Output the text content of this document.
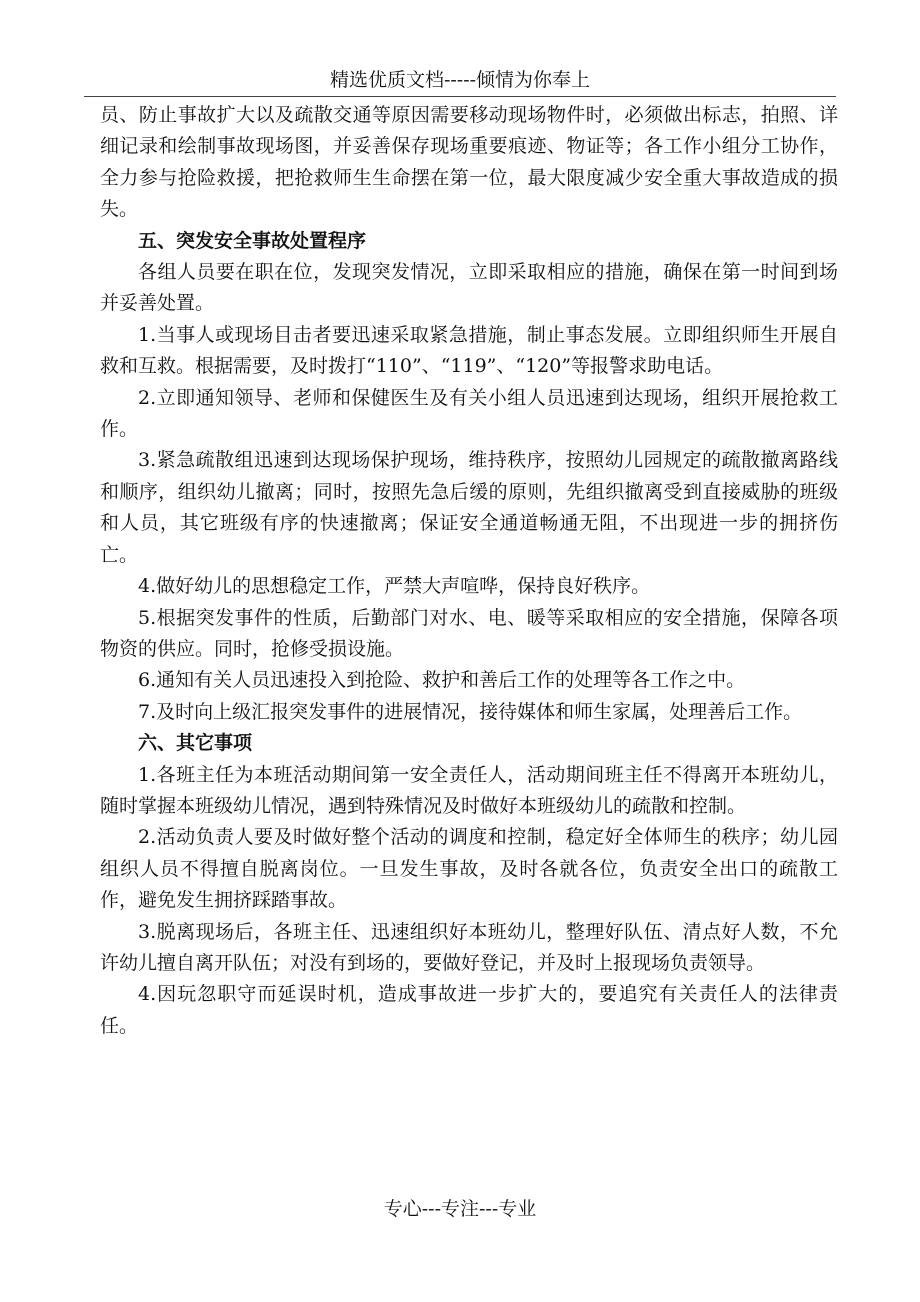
精选优质文档-----倾情为你奉上

员、防止事故扩大以及疏散交通等原因需要移动现场物件时，必须做出标志，拍照、详细记录和绘制事故现场图，并妥善保存现场重要痕迹、物证等；各工作小组分工协作，全力参与抢险救援，把抢救师生生命摆在第一位，最大限度减少安全重大事故造成的损失。

五、突发安全事故处置程序

各组人员要在职在位，发现突发情况，立即采取相应的措施，确保在第一时间到场并妥善处置。

1.当事人或现场目击者要迅速采取紧急措施，制止事态发展。立即组织师生开展自救和互救。根据需要，及时拨打“110”、“119”、“120”等报警求助电话。

2.立即通知领导、老师和保健医生及有关小组人员迅速到达现场，组织开展抢救工作。

3.紧急疏散组迅速到达现场保护现场，维持秩序，按照幼儿园规定的疏散撤离路线和顺序，组织幼儿撤离；同时，按照先急后缓的原则，先组织撤离受到直接威胁的班级和人员，其它班级有序的快速撤离；保证安全通道畅通无阻，不出现进一步的拥挤伤亡。

4.做好幼儿的思想稳定工作，严禁大声喧哗，保持良好秩序。

5.根据突发事件的性质，后勤部门对水、电、暖等采取相应的安全措施，保障各项物资的供应。同时，抢修受损设施。

6.通知有关人员迅速投入到抢险、救护和善后工作的处理等各工作之中。

7.及时向上级汇报突发事件的进展情况，接待媒体和师生家属，处理善后工作。

六、其它事项

1.各班主任为本班活动期间第一安全责任人，活动期间班主任不得离开本班幼儿，随时掌握本班级幼儿情况，遇到特殊情况及时做好本班级幼儿的疏散和控制。

2.活动负责人要及时做好整个活动的调度和控制，稳定好全体师生的秩序；幼儿园组织人员不得擅自脱离岗位。一旦发生事故，及时各就各位，负责安全出口的疏散工作，避免发生拥挤踩踏事故。

3.脱离现场后，各班主任、迅速组织好本班幼儿，整理好队伍、清点好人数，不允许幼儿擅自离开队伍；对没有到场的，要做好登记，并及时上报现场负责领导。

4.因玩忽职守而延误时机，造成事故进一步扩大的，要追究有关责任人的法律责任。

专心---专注---专业
